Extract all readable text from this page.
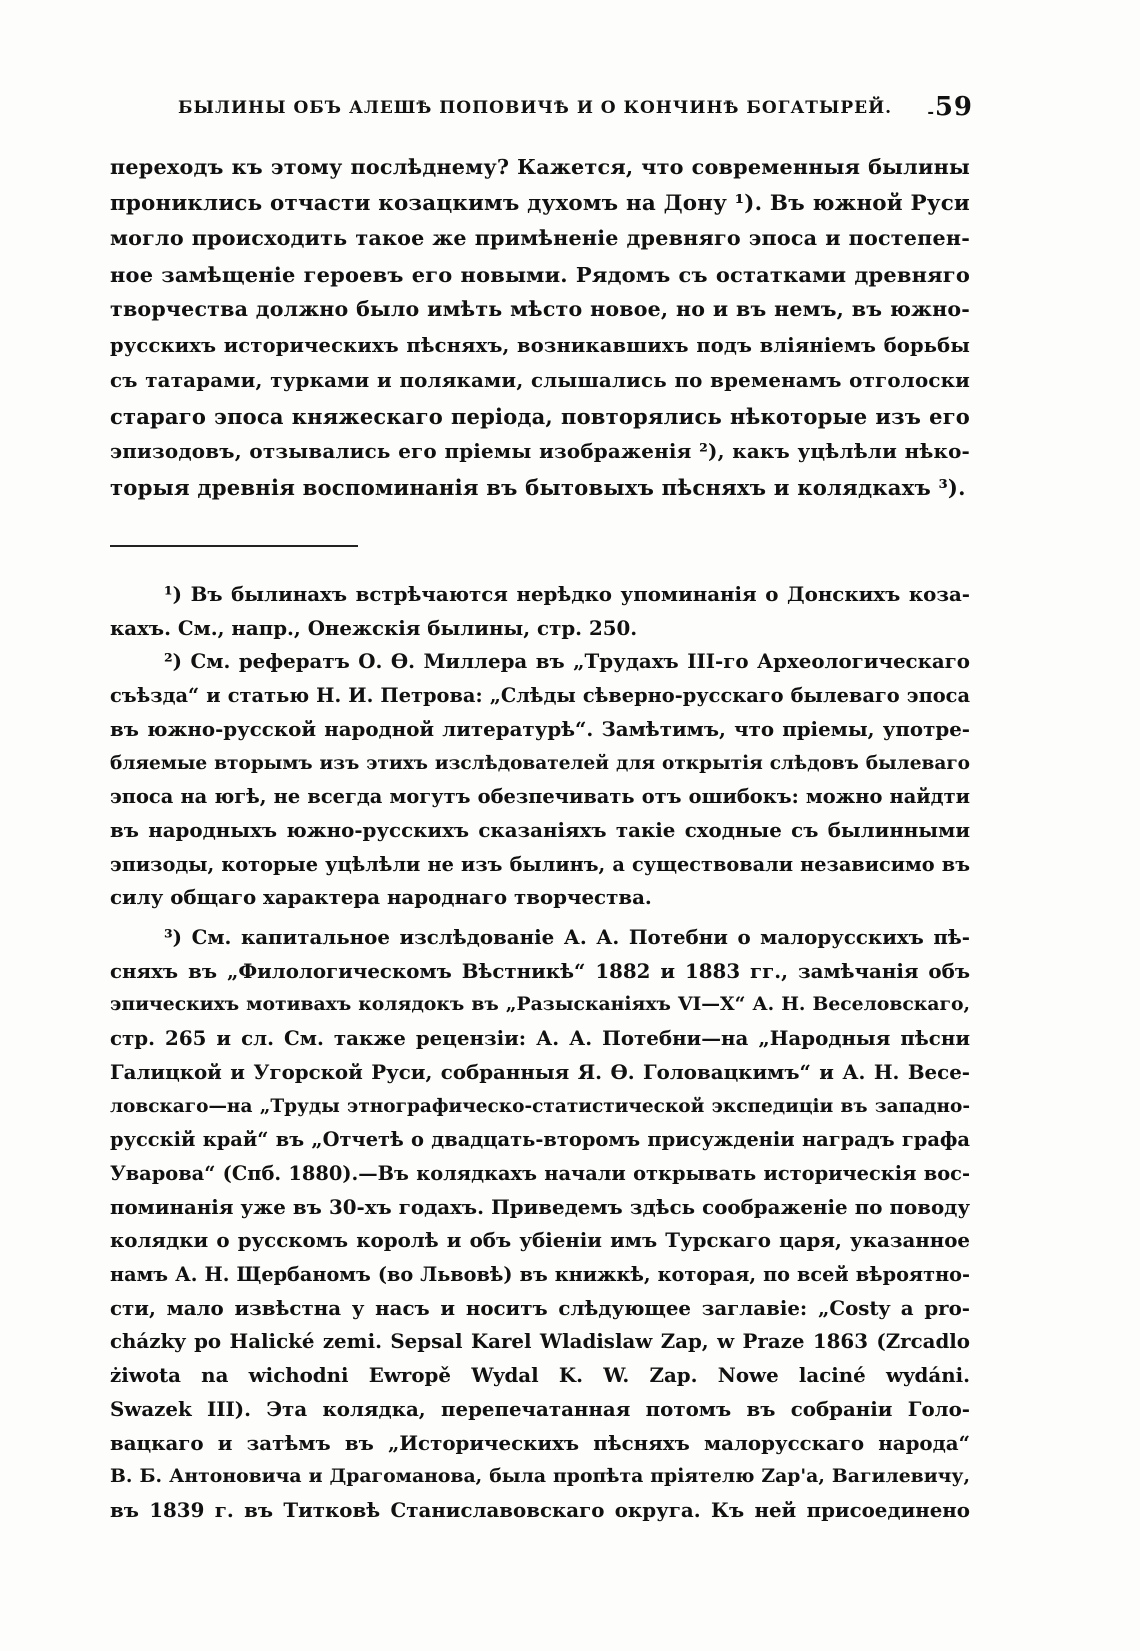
БЫЛИНЫ ОБЪ АЛЕШѢ ПОПОВИЧѢ И О КОНЧИНѢ БОГАТЫРЕЙ. - 59
переходъ къ этому послѣднему? Кажется, что современныя былины
прониклись отчасти козацкимъ духомъ на Дону ¹). Въ южной Руси
могло происходить такое же примѣненіе древняго эпоса и постепен-
ное замѣщеніе героевъ его новыми. Рядомъ съ остатками древняго
творчества должно было имѣть мѣсто новое, но и въ немъ, въ южно-
русскихъ историческихъ пѣсняхъ, возникавшихъ подъ вліяніемъ борьбы
съ татарами, турками и поляками, слышались по временамъ отголоски
стараго эпоса княжескаго періода, повторялись нѣкоторые изъ его
эпизодовъ, отзывались его пріемы изображенія ²), какъ уцѣлѣли нѣко-
торыя древнія воспоминанія въ бытовыхъ пѣсняхъ и колядкахъ ³).
¹) Въ былинахъ встрѣчаются нерѣдко упоминанія о Донскихъ коза-
кахъ. См., напр., Онежскія былины, стр. 250.
²) См. рефератъ О. Ѳ. Миллера въ „Трудахъ III-го Археологическаго
съѣзда“ и статью Н. И. Петрова: „Слѣды сѣверно-русскаго былеваго эпоса
въ южно-русской народной литературѣ“. Замѣтимъ, что пріемы, употре-
бляемые вторымъ изъ этихъ изслѣдователей для открытія слѣдовъ былеваго
эпоса на югѣ, не всегда могутъ обезпечивать отъ ошибокъ: можно найдти
въ народныхъ южно-русскихъ сказаніяхъ такіе сходные съ былинными
эпизоды, которые уцѣлѣли не изъ былинъ, а существовали независимо въ
силу общаго характера народнаго творчества.
³) См. капитальное изслѣдованіе А. А. Потебни о малорусскихъ пѣ-
сняхъ въ „Филологическомъ Вѣстникѣ“ 1882 и 1883 гг., замѣчанія объ
эпическихъ мотивахъ колядокъ въ „Разысканіяхъ VI—X“ А. Н. Веселовскаго,
стр. 265 и сл. См. также рецензіи: А. А. Потебни—на „Народныя пѣсни
Галицкой и Угорской Руси, собранныя Я. Ѳ. Головацкимъ“ и А. Н. Весе-
ловскаго—на „Труды этнографическо-статистической экспедиціи въ западно-
русскій край“ въ „Отчетѣ о двадцать-второмъ присужденіи наградъ графа
Уварова“ (Спб. 1880).—Въ колядкахъ начали открывать историческія вос-
поминанія уже въ 30-хъ годахъ. Приведемъ здѣсь соображеніе по поводу
колядки о русскомъ королѣ и объ убіеніи имъ Турскаго царя, указанное
намъ А. Н. Щербаномъ (во Львовѣ) въ книжкѣ, которая, по всей вѣроятно-
сти, мало извѣстна у насъ и носитъ слѣдующее заглавіе: „Costy a pro-
cházky po Halické zemi. Sepsal Karel Wladislaw Zap, w Praze 1863 (Zrcadlo
żiwota na wichodni Ewropě Wydal K. W. Zap. Nowe laciné wydáni.
Swazek III). Эта колядка, перепечатанная потомъ въ собраніи Голо-
вацкаго и затѣмъ въ „Историческихъ пѣсняхъ малорусскаго народа“
В. Б. Антоновича и Драгоманова, была пропѣта пріятелю Zap'а, Вагилевичу,
въ 1839 г. въ Титковѣ Станиславовскаго округа. Къ ней присоединено
